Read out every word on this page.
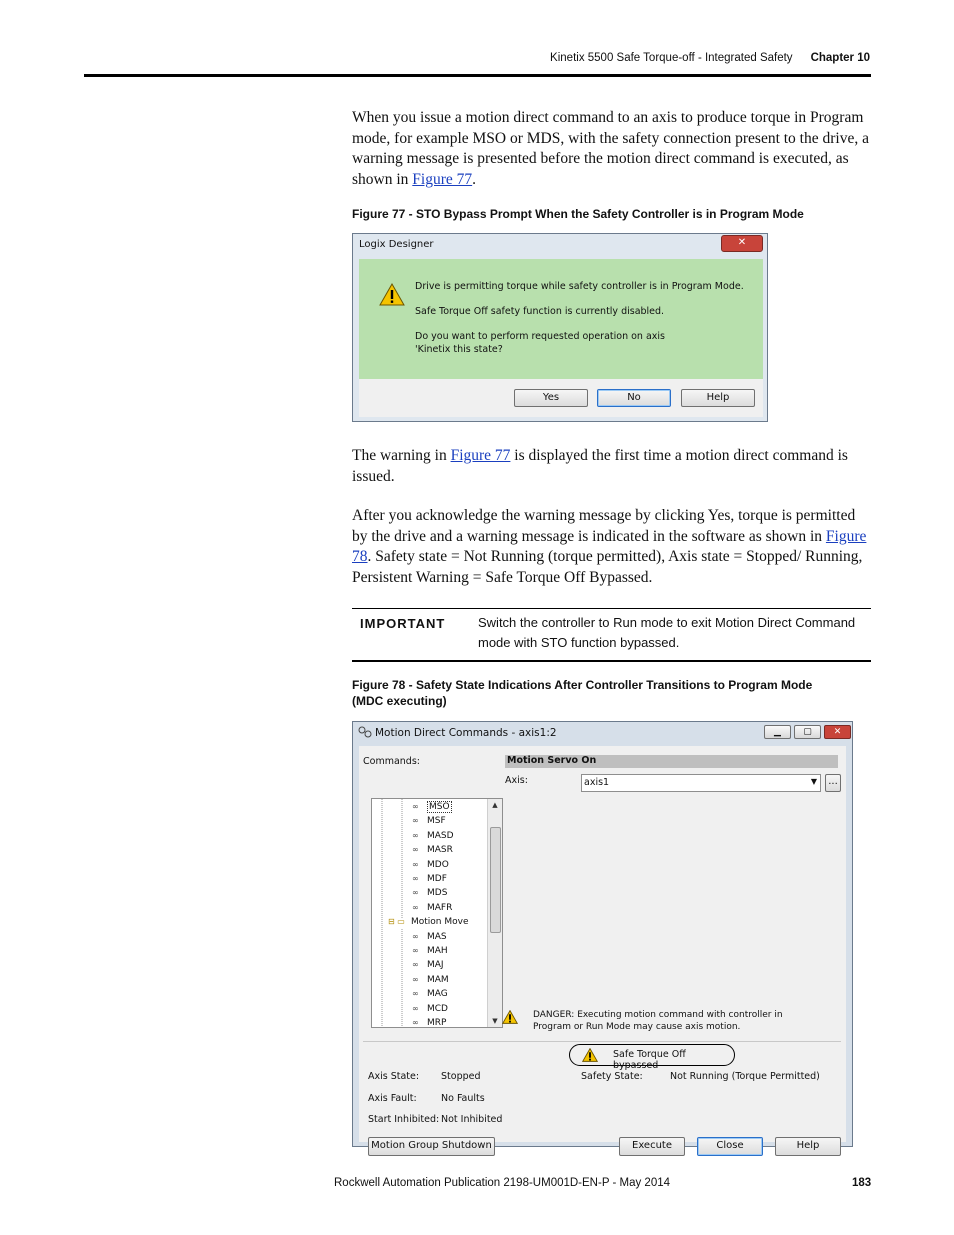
Kinetix 5500 Safe Torque-off - Integrated Safety Chapter 10

When you issue a motion direct command to an axis to produce torque in Program mode, for example MSO or MDS, with the safety connection present to the drive, a warning message is presented before the motion direct command is executed, as shown in Figure 77.

Figure 77 - STO Bypass Prompt When the Safety Controller is in Program Mode
Logix Designer	✕
Drive is permitting torque while safety controller is in Program Mode.
Safe Torque Off safety function is currently disabled.
Do you want to perform requested operation on axis
'Kinetix this state?
Yes	No	Help

The warning in Figure 77 is displayed the first time a motion direct command is issued.

After you acknowledge the warning message by clicking Yes, torque is permitted by the drive and a warning message is indicated in the software as shown in Figure 78. Safety state = Not Running (torque permitted), Axis state = Stopped/ Running, Persistent Warning = Safe Torque Off Bypassed.

IMPORTANT	Switch the controller to Run mode to exit Motion Direct Command mode with STO function bypassed.
Figure 78 - Safety State Indications After Controller Transitions to Program Mode
(MDC executing)
Motion Direct Commands - axis1:2	▁	▢	✕
Commands:
∞ MSO
∞ MSF
∞ MASD
∞ MASR
∞ MDO
∞ MDF
∞ MDS
∞ MAFR
⊟ ▭ Motion Move
∞ MAS
∞ MAH
∞ MAJ
∞ MAM
∞ MAG
∞ MCD
∞ MRP
▲
▼
Motion Servo On
Axis:	axis1	▼	...
DANGER: Executing motion command with controller in
Program or Run Mode may cause axis motion.
Safe Torque Off bypassed
Axis State: Stopped
Axis Fault:	No Faults
Start Inhibited: Not Inhibited
Safety State:	Not Running (Torque Permitted)
Motion Group Shutdown	Execute	Close	Help
Rockwell Automation Publication 2198-UM001D-EN-P - May 2014	183
